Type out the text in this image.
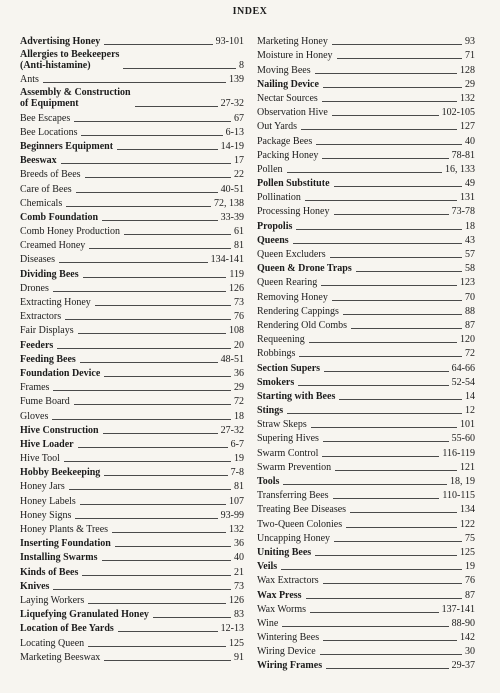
INDEX
Advertising Honey	93-101
Allergies to Beekeepers
(Anti-histamine)	8
Ants	139
Assembly & Construction
of Equipment	27-32
Bee Escapes	67
Bee Locations	6-13
Beginners Equipment	14-19
Beeswax	17
Breeds of Bees	22
Care of Bees	40-51
Chemicals	72, 138
Comb Foundation	33-39
Comb Honey Production	61
Creamed Honey	81
Diseases	134-141
Dividing Bees	119
Drones	126
Extracting Honey	73
Extractors	76
Fair Displays	108
Feeders	20
Feeding Bees	48-51
Foundation Device	36
Frames	29
Fume Board	72
Gloves	18
Hive Construction	27-32
Hive Loader	6-7
Hive Tool	19
Hobby Beekeeping	7-8
Honey Jars	81
Honey Labels	107
Honey Signs	93-99
Honey Plants & Trees	132
Inserting Foundation	36
Installing Swarms	40
Kinds of Bees	21
Knives	73
Laying Workers	126
Liquefying Granulated Honey	83
Location of Bee Yards	12-13
Locating Queen	125
Marketing Beeswax	91
Marketing Honey	93
Moisture in Honey	71
Moving Bees	128
Nailing Device	29
Nectar Sources	132
Observation Hive	102-105
Out Yards	127
Package Bees	40
Packing Honey	78-81
Pollen	16, 133
Pollen Substitute	49
Pollination	131
Processing Honey	73-78
Propolis	18
Queens	43
Queen Excluders	57
Queen & Drone Traps	58
Queen Rearing	123
Removing Honey	70
Rendering Cappings	88
Rendering Old Combs	87
Requeening	120
Robbings	72
Section Supers	64-66
Smokers	52-54
Starting with Bees	14
Stings	12
Straw Skeps	101
Supering Hives	55-60
Swarm Control	116-119
Swarm Prevention	121
Tools	18, 19
Transferring Bees	110-115
Treating Bee Diseases	134
Two-Queen Colonies	122
Uncapping Honey	75
Uniting Bees	125
Veils	19
Wax Extractors	76
Wax Press	87
Wax Worms	137-141
Wine	88-90
Wintering Bees	142
Wiring Device	30
Wiring Frames	29-37
